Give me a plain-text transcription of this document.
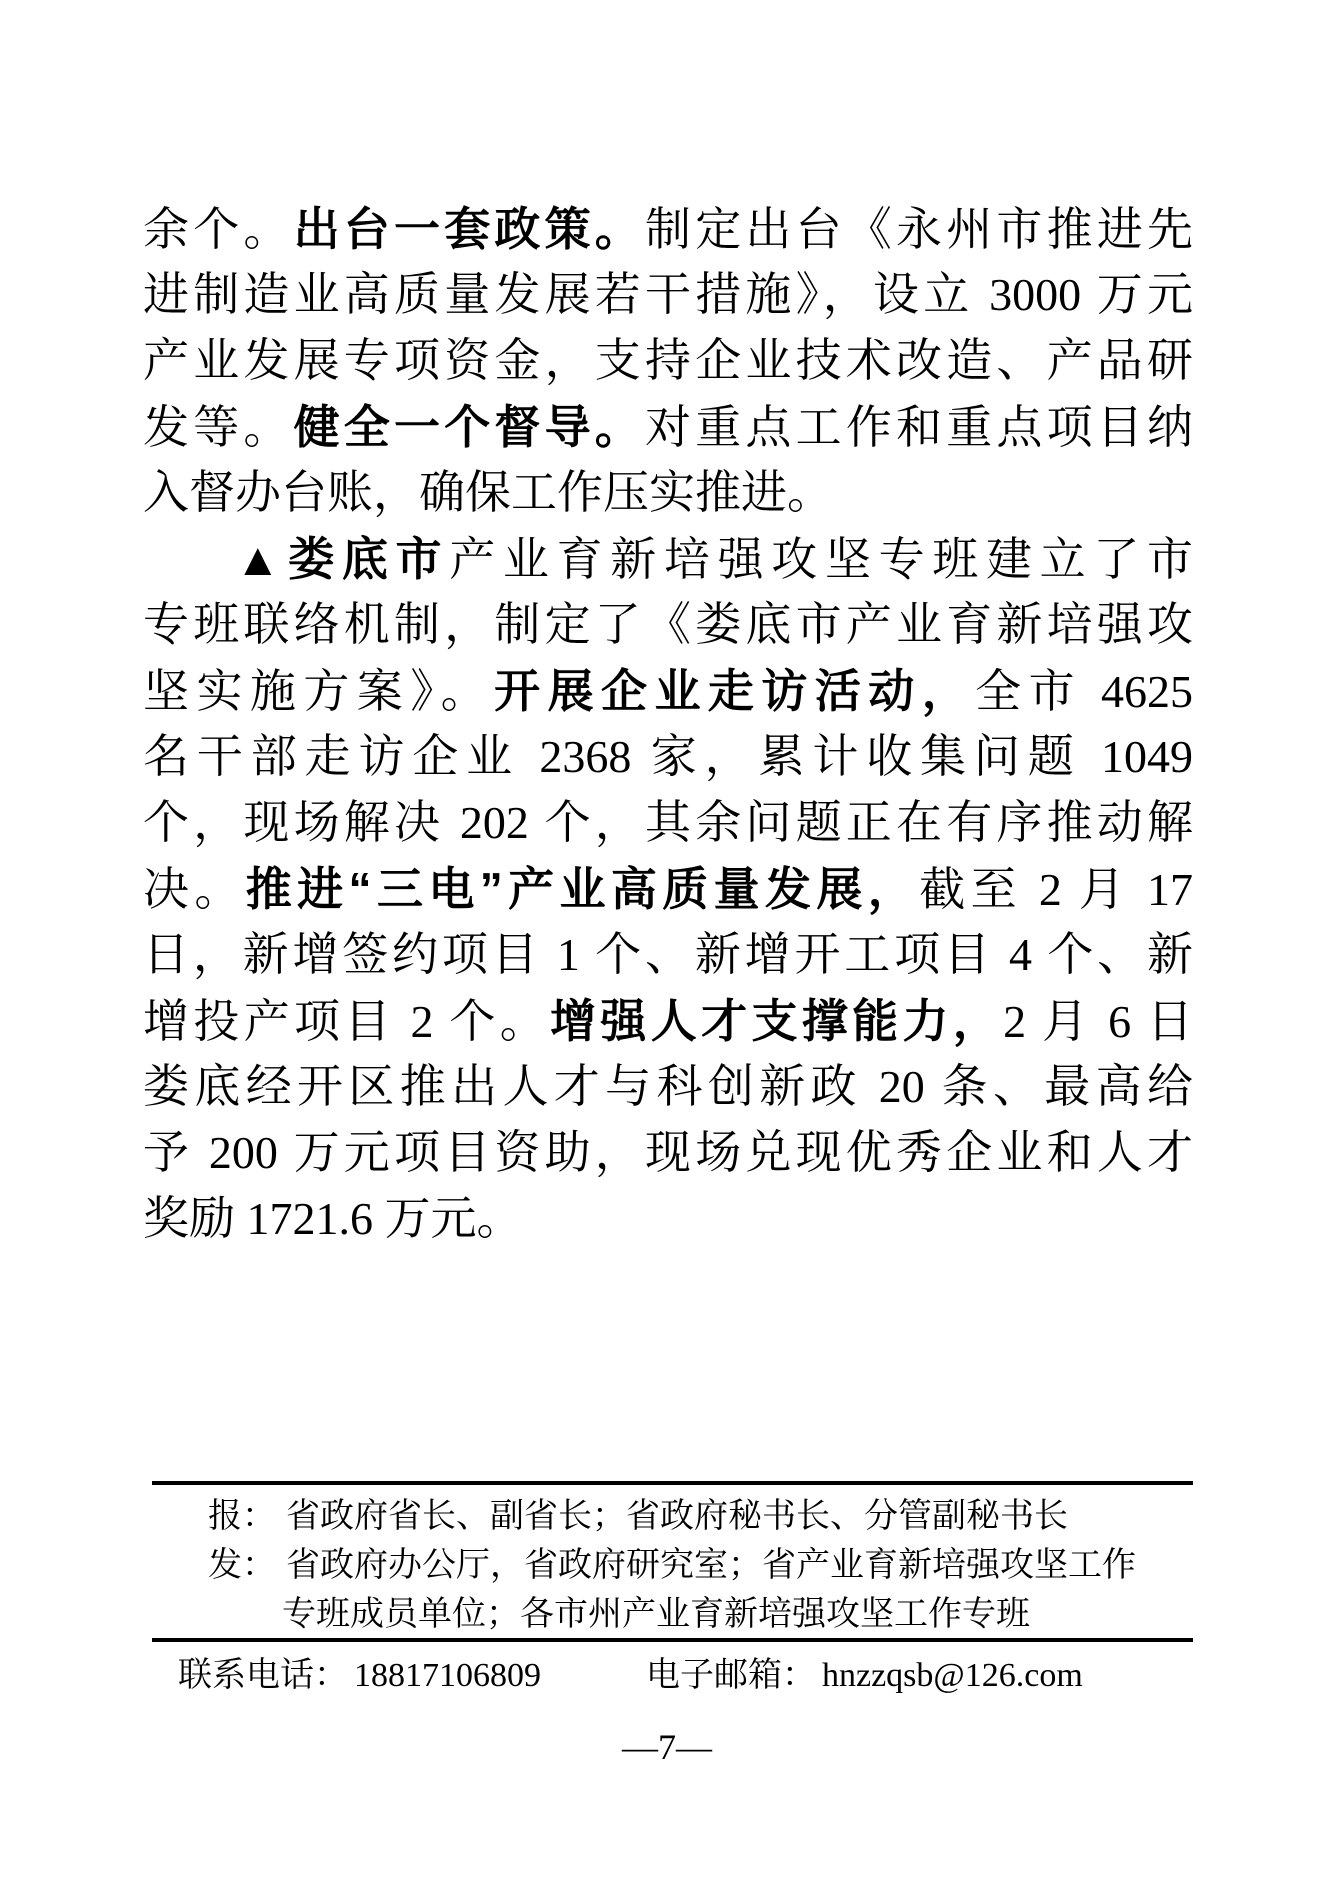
余个。出台一套政策。制定出台《永州市推进先
进制造业高质量发展若干措施》，设立 3000 万元
产业发展专项资金，支持企业技术改造、产品研
发等。健全一个督导。对重点工作和重点项目纳
入督办台账，确保工作压实推进。
▲娄底市产业育新培强攻坚专班建立了市
专班联络机制，制定了《娄底市产业育新培强攻
坚实施方案》。开展企业走访活动，全市 4625
名干部走访企业 2368 家，累计收集问题 1049
个，现场解决 202 个，其余问题正在有序推动解
决。推进“三电”产业高质量发展，截至 2 月 17
日，新增签约项目 1 个、新增开工项目 4 个、新
增投产项目 2 个。增强人才支撑能力，2 月 6 日
娄底经开区推出人才与科创新政 20 条、最高给
予 200 万元项目资助，现场兑现优秀企业和人才
奖励 1721.6 万元。
报： 省政府省长、副省长；省政府秘书长、分管副秘书长
发： 省政府办公厅，省政府研究室；省产业育新培强攻坚工作
专班成员单位；各市州产业育新培强攻坚工作专班
联系电话： 18817106809	电子邮箱： hnzzqsb@126.com
—7—
